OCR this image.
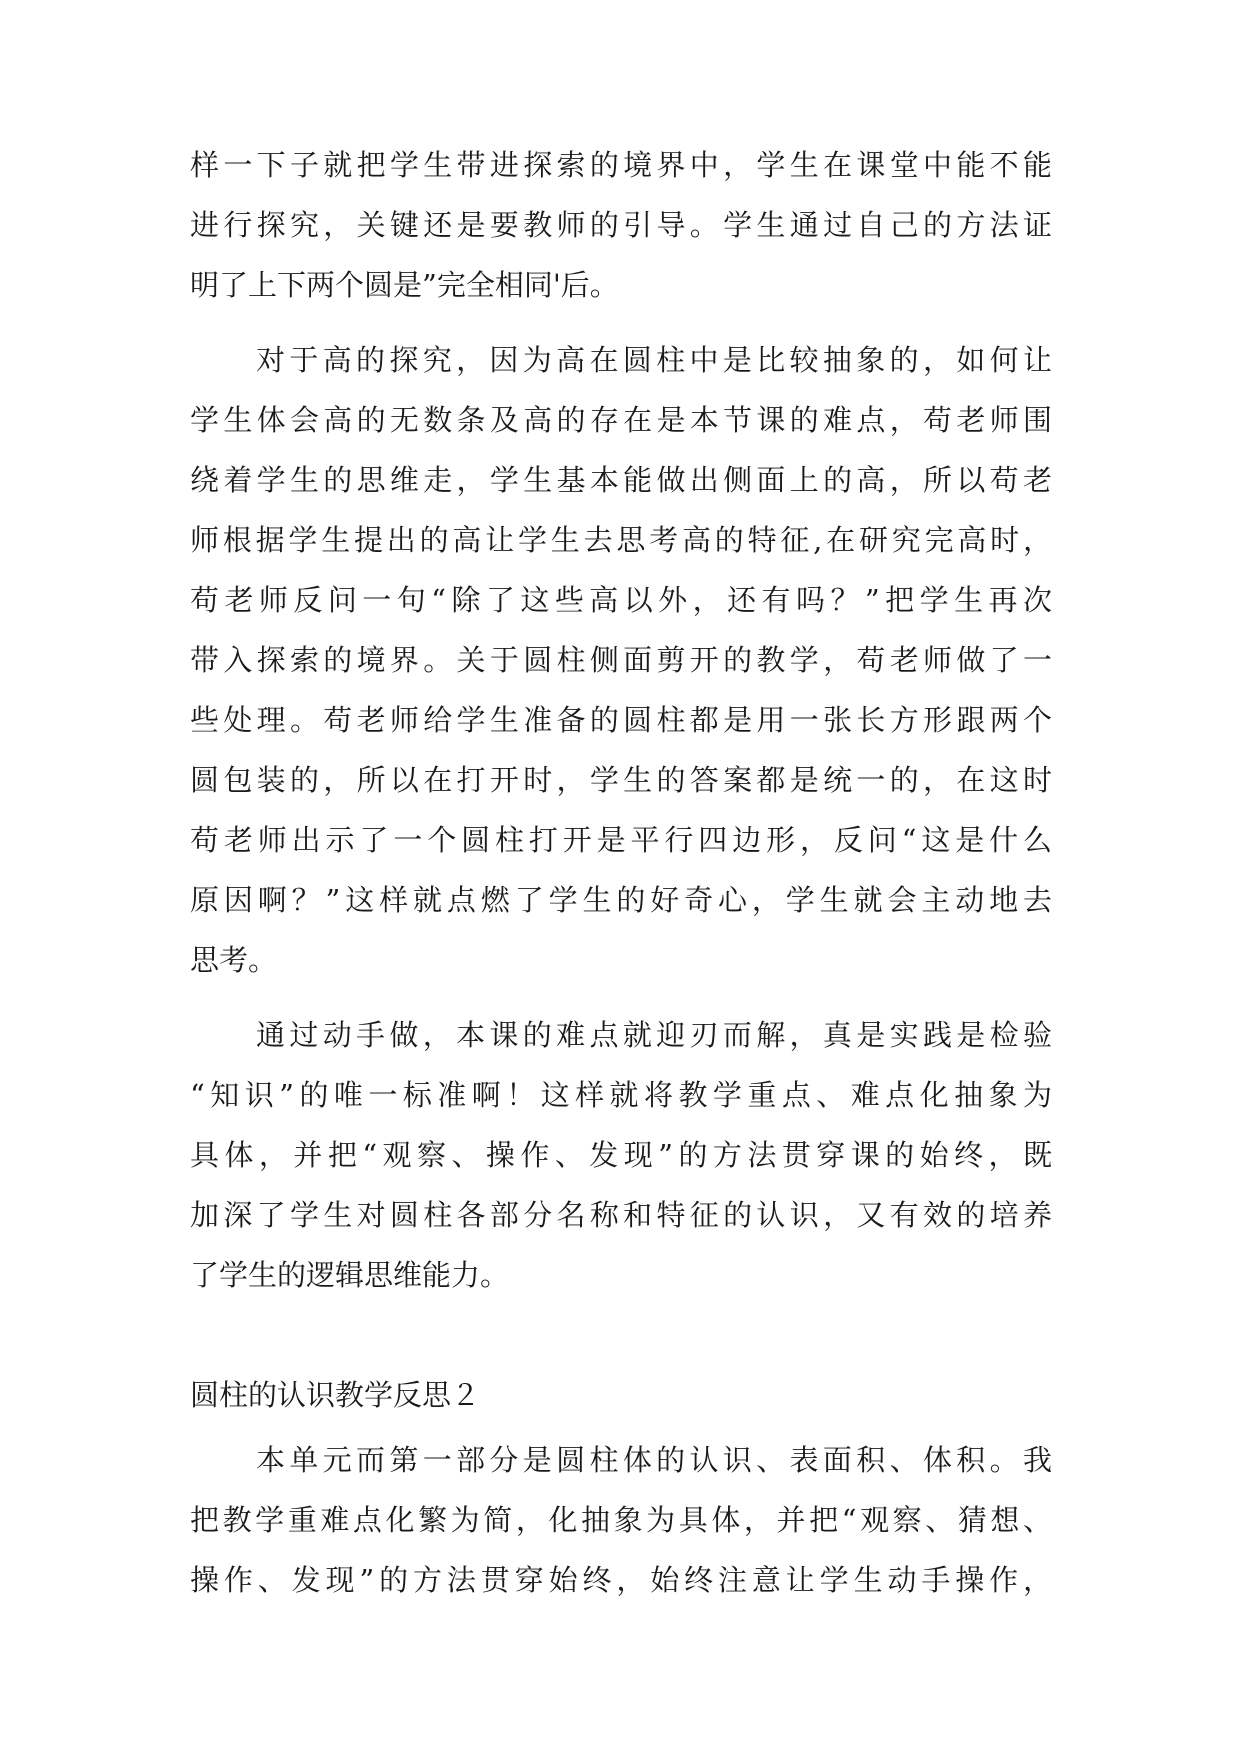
样一下子就把学生带进探索的境界中，学生在课堂中能不能
进行探究，关键还是要教师的引导。学生通过自己的方法证
明了上下两个圆是”完全相同'后。
对于高的探究，因为高在圆柱中是比较抽象的，如何让
学生体会高的无数条及高的存在是本节课的难点，苟老师围
绕着学生的思维走，学生基本能做出侧面上的高，所以苟老
师根据学生提出的高让学生去思考高的特征,在研究完高时，
苟老师反问一句“除了这些高以外，还有吗？”把学生再次
带入探索的境界。关于圆柱侧面剪开的教学，苟老师做了一
些处理。苟老师给学生准备的圆柱都是用一张长方形跟两个
圆包装的，所以在打开时，学生的答案都是统一的，在这时
苟老师出示了一个圆柱打开是平行四边形，反问“这是什么
原因啊？”这样就点燃了学生的好奇心，学生就会主动地去
思考。
通过动手做，本课的难点就迎刃而解，真是实践是检验
“知识”的唯一标准啊！这样就将教学重点、难点化抽象为
具体，并把“观察、操作、发现”的方法贯穿课的始终，既
加深了学生对圆柱各部分名称和特征的认识，又有效的培养
了学生的逻辑思维能力。
圆柱的认识教学反思２
本单元而第一部分是圆柱体的认识、表面积、体积。我
把教学重难点化繁为简，化抽象为具体，并把“观察、猜想、
操作、发现”的方法贯穿始终，始终注意让学生动手操作，
